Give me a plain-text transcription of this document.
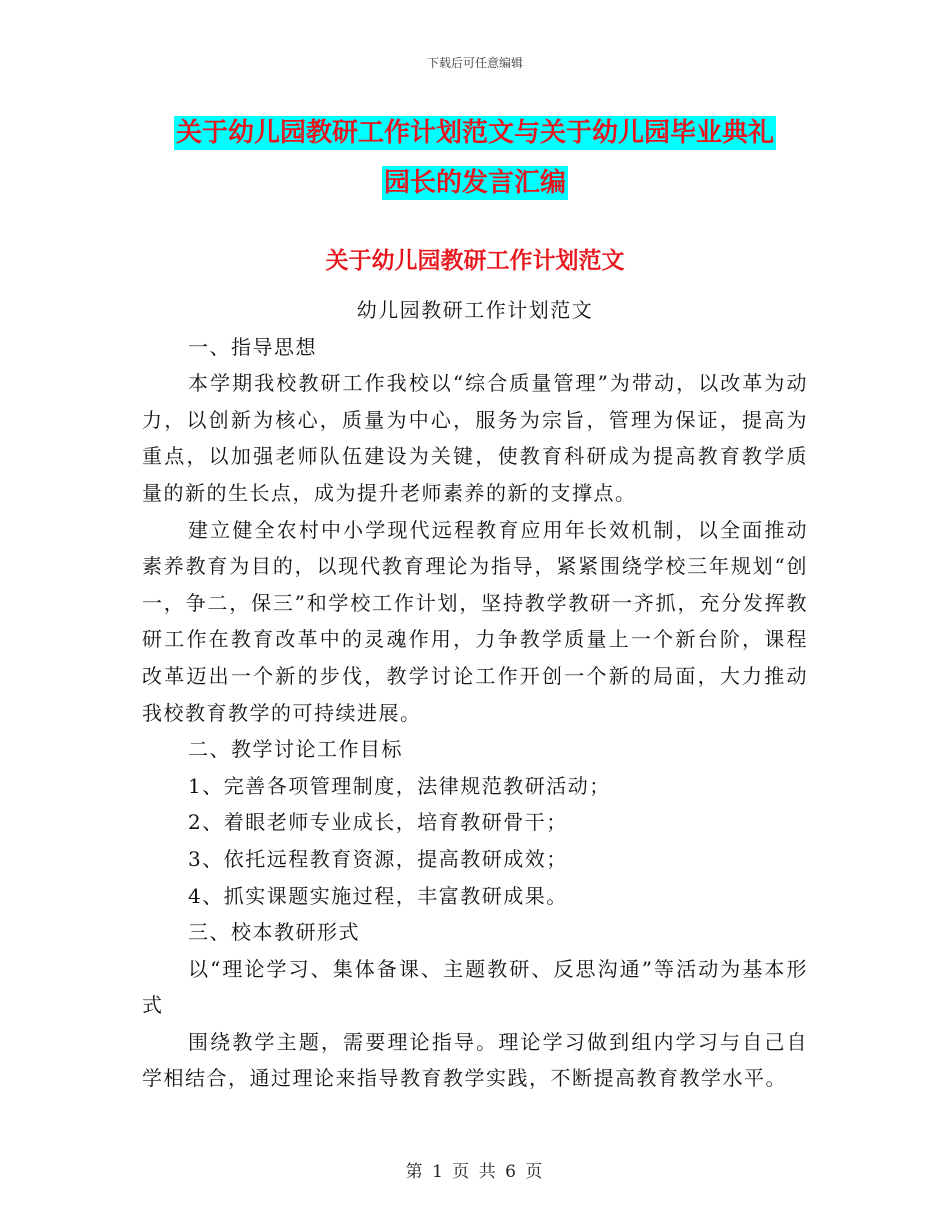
下载后可任意编辑
关于幼儿园教研工作计划范文与关于幼儿园毕业典礼
园长的发言汇编
关于幼儿园教研工作计划范文

幼儿园教研工作计划范文

一、指导思想

本学期我校教研工作我校以“综合质量管理”为带动，以改革为动力，以创新为核心，质量为中心，服务为宗旨，管理为保证，提高为重点，以加强老师队伍建设为关键，使教育科研成为提高教育教学质量的新的生长点，成为提升老师素养的新的支撑点。

建立健全农村中小学现代远程教育应用年长效机制，以全面推动素养教育为目的，以现代教育理论为指导，紧紧围绕学校三年规划“创一，争二，保三”和学校工作计划，坚持教学教研一齐抓，充分发挥教研工作在教育改革中的灵魂作用，力争教学质量上一个新台阶，课程改革迈出一个新的步伐，教学讨论工作开创一个新的局面，大力推动我校教育教学的可持续进展。

二、教学讨论工作目标

1、完善各项管理制度，法律规范教研活动；

2、着眼老师专业成长，培育教研骨干；

3、依托远程教育资源，提高教研成效；

4、抓实课题实施过程，丰富教研成果。

三、校本教研形式

以“理论学习、集体备课、主题教研、反思沟通”等活动为基本形式

围绕教学主题，需要理论指导。理论学习做到组内学习与自己自学相结合，通过理论来指导教育教学实践，不断提高教育教学水平。

第 1 页 共 6 页
